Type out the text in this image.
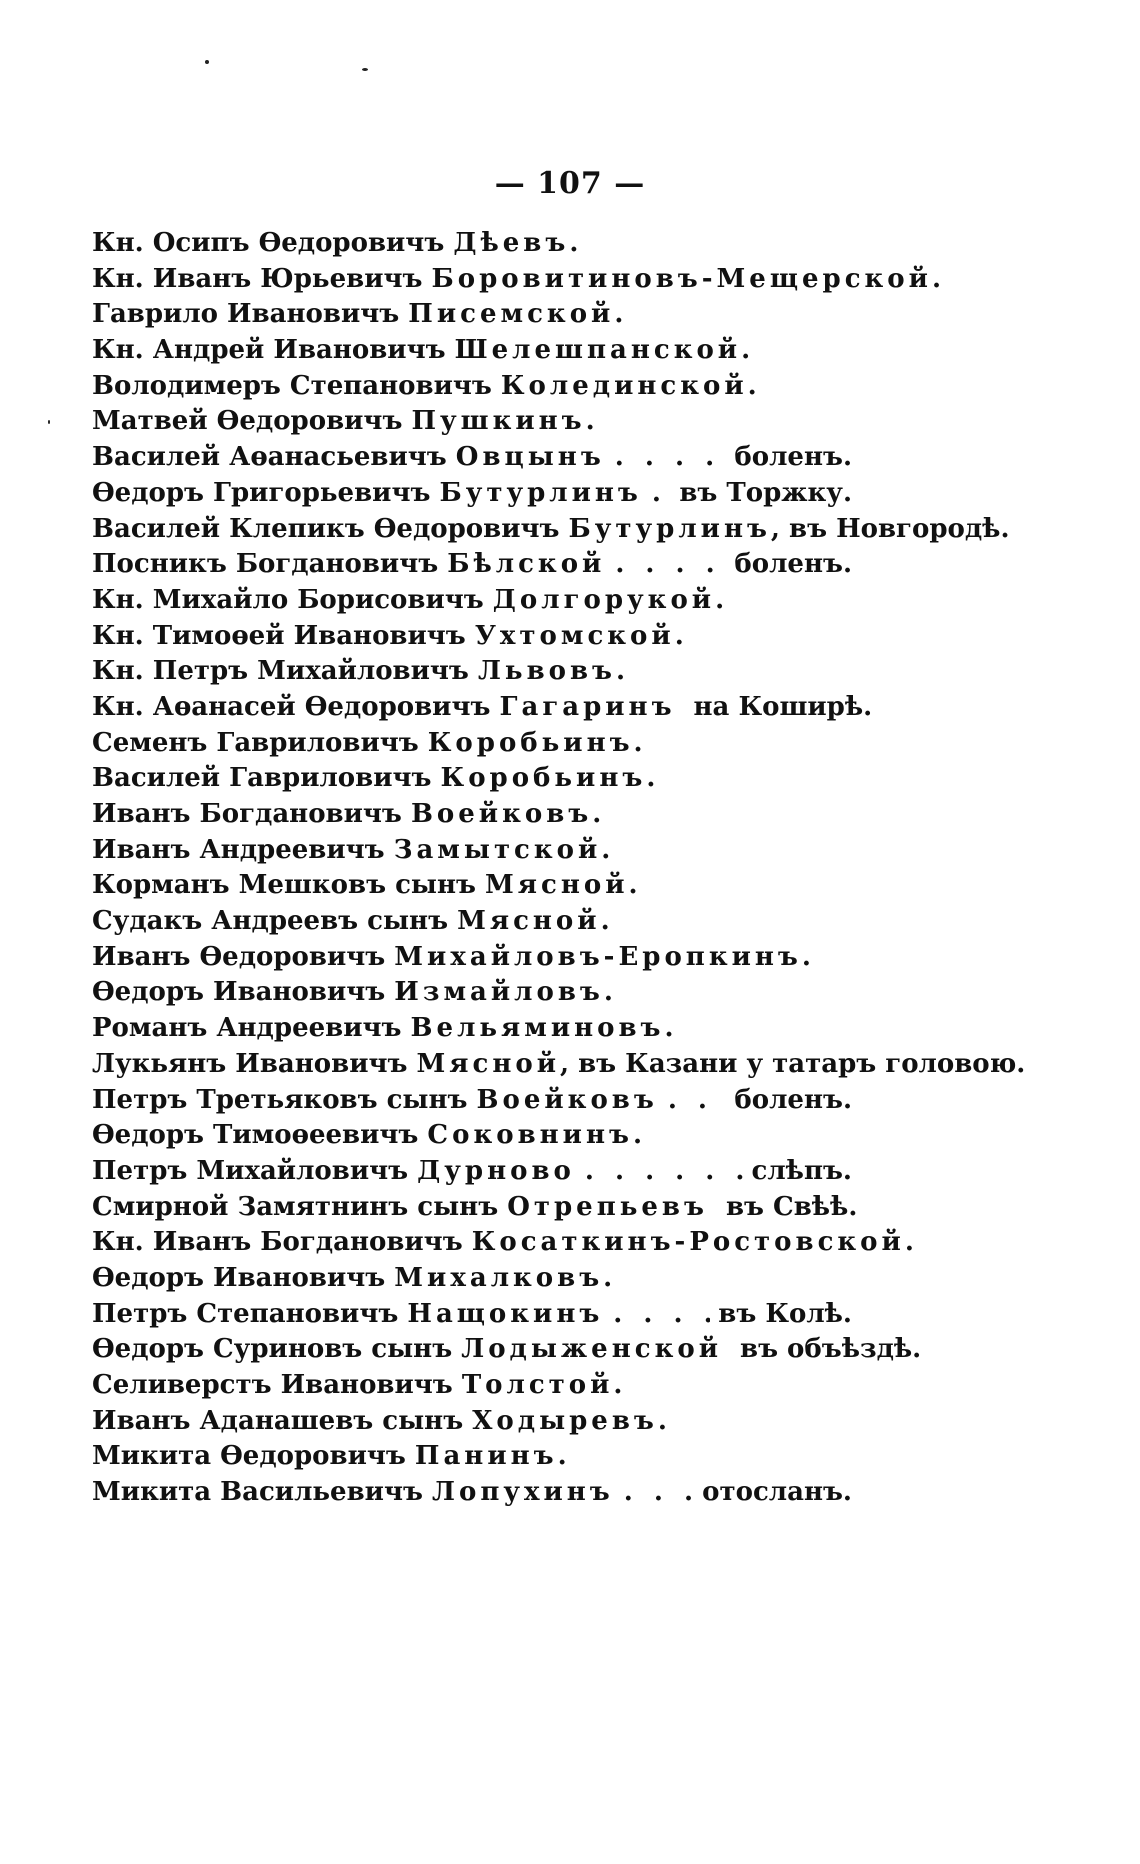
— 107 —
Кн. Осипъ Өедоровичъ Дѣевъ.
Кн. Иванъ Юрьевичъ Боровитиновъ-Мещерской.
Гаврило Ивановичъ Писемской.
Кн. Андрей Ивановичъ Шелешпанской.
Володимеръ Степановичъ Колединской.
Матвей Өедоровичъ Пушкинъ.
Василей Аөанасьевичъ Овцынъ . . .	боленъ.
Өедоръ Григорьевичъ Бутурлинъ . . . въ Торжку.
Василей Клепикъ Өедоровичъ Бутурлинъ, въ Новгородѣ.
Посникъ Богдановичъ Бѣлской . . .	боленъ.
Кн. Михайло Борисовичъ Долгорукой.
Кн. Тимоөей Ивановичъ Ухтомской.
Кн. Петръ Михайловичъ Львовъ.
Кн. Аөанасей Өедоровичъ Гагаринъ на Коширѣ.
Семенъ Гавриловичъ Коробьинъ.
Василей Гавриловичъ Коробьинъ.
Иванъ Богдановичъ Воейковъ.
Иванъ Андреевичъ Замытской.
Корманъ Мешковъ сынъ Мясной.
Судакъ Андреевъ сынъ Мясной.
Иванъ Өедоровичъ Михайловъ-Еропкинъ.
Өедоръ Ивановичъ Измайловъ.
Романъ Андреевичъ Вельяминовъ.
Лукьянъ Ивановичъ Мясной, въ Казани у татаръ головою.
Петръ Третьяковъ сынъ Воейковъ . . .	боленъ.
Өедоръ Тимоөеевичъ Соковнинъ.
Петръ Михайловичъ Дурново . . .	слѣпъ.
Смирной Замятнинъ сынъ Отрепьевъ въ Свѣѣ.
Кн. Иванъ Богдановичъ Косаткинъ-Ростовской.
Өедоръ Ивановичъ Михалковъ.
Петръ Степановичъ Нащокинъ . . .	въ Колѣ.
Өедоръ Суриновъ сынъ Лодыженской въ объѣздѣ.
Селиверстъ Ивановичъ Толстой.
Иванъ Аданашевъ сынъ Ходыревъ.
Микита Өедоровичъ Панинъ.
Микита Васильевичъ Лопухинъ . . .	отосланъ.
